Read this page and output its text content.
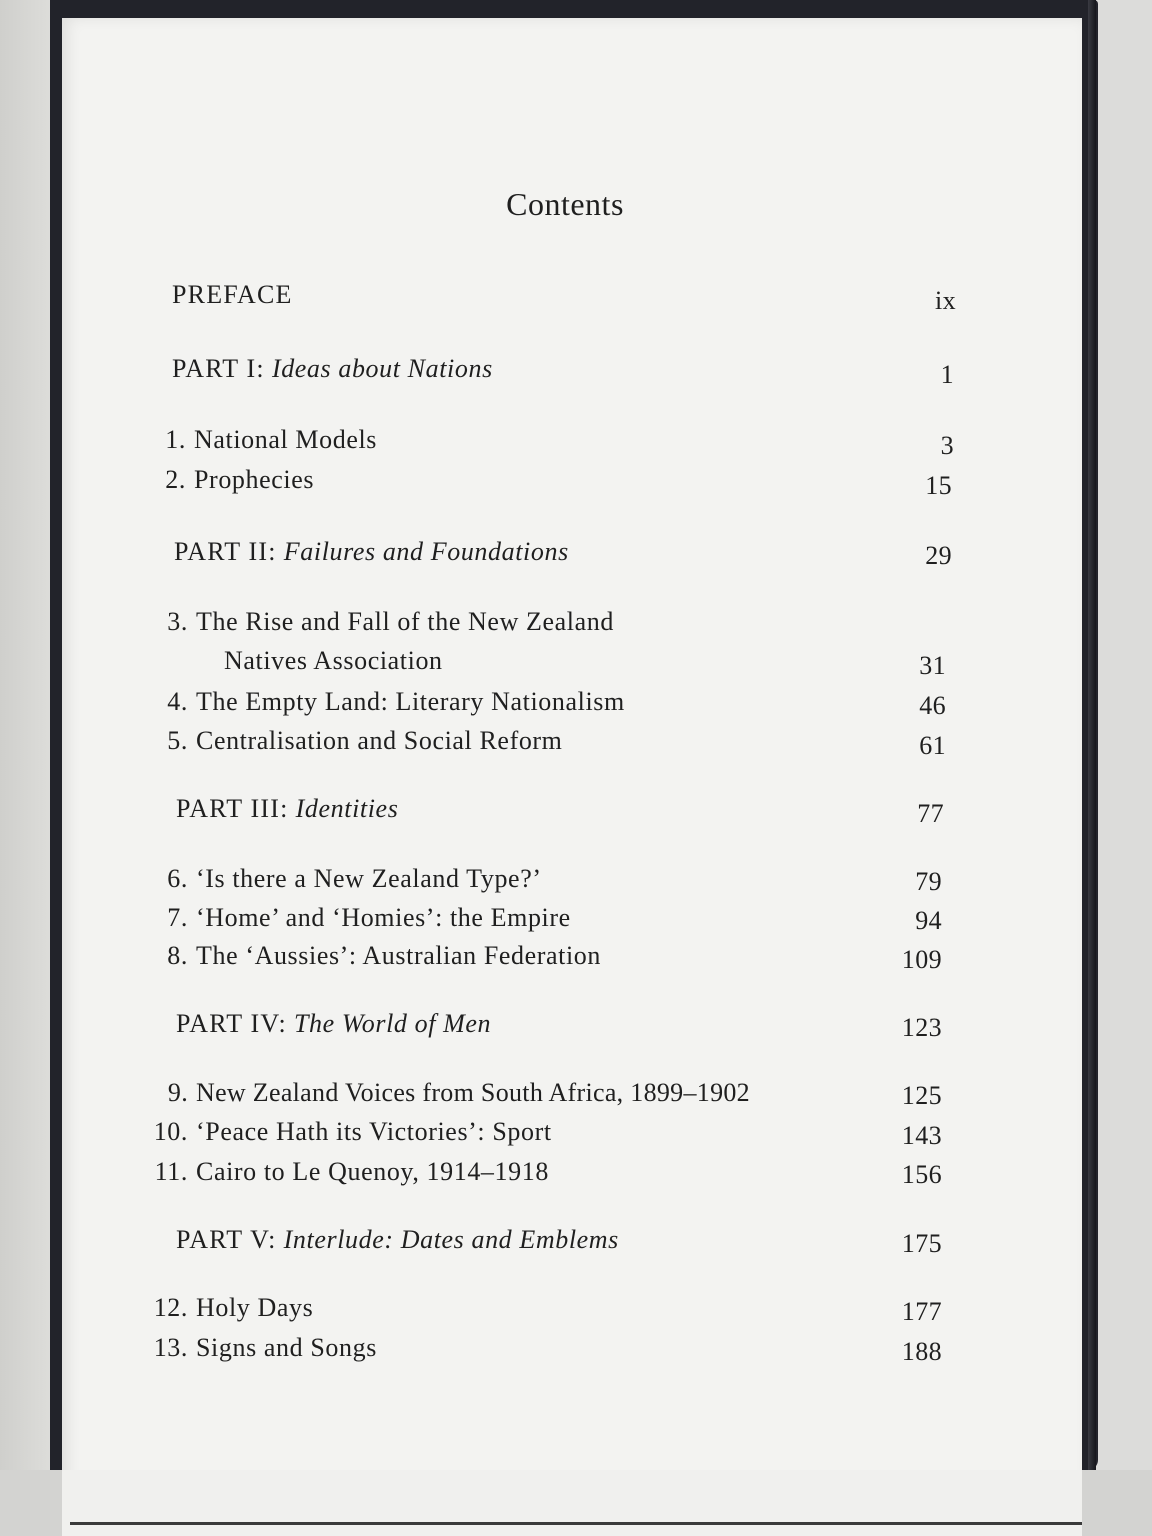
Contents
PREFACE	ix
PART I: Ideas about Nations	1
1. National Models	3
2. Prophecies	15
PART II: Failures and Foundations	29
3. The Rise and Fall of the New Zealand
Natives Association	31
4. The Empty Land: Literary Nationalism	46
5. Centralisation and Social Reform	61
PART III: Identities	77
6. ‘Is there a New Zealand Type?’	79
7. ‘Home’ and ‘Homies’: the Empire	94
8. The ‘Aussies’: Australian Federation	109
PART IV: The World of Men	123
9. New Zealand Voices from South Africa, 1899–1902	125
10. ‘Peace Hath its Victories’: Sport	143
11. Cairo to Le Quenoy, 1914–1918	156
PART V: Interlude: Dates and Emblems	175
12. Holy Days	177
13. Signs and Songs	188
